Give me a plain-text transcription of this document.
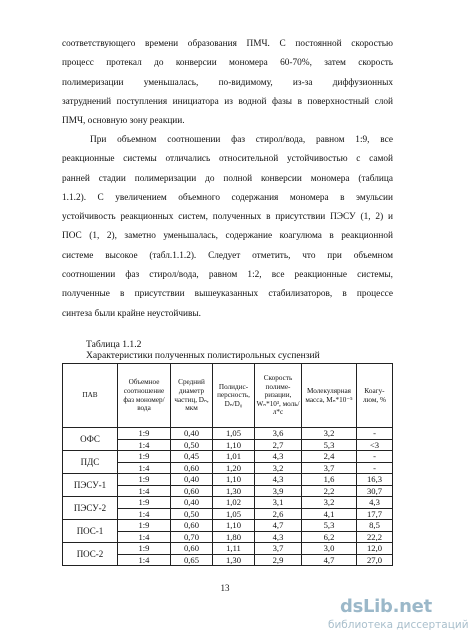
соответствующего времени образования ПМЧ. С постоянной скоростью
процесс протекал до конверсии мономера 60-70%, затем скорость
полимеризации уменьшалась, по-видимому, из-за диффузионных
затруднений поступления инициатора из водной фазы в поверхностный слой
ПМЧ, основную зону реакции.

При объемном соотношении фаз стирол/вода, равном 1:9, все
реакционные системы отличались относительной устойчивостью с самой
ранней стадии полимеризации до полной конверсии мономера (таблица
1.1.2). С увеличением объемного содержания мономера в эмульсии
устойчивость реакционных систем, полученных в присутствии ПЭСУ (1, 2) и
ПОС (1, 2), заметно уменьшалась, содержание коагулюма в реакционной
системе высокое (табл.1.1.2). Следует отметить, что при объемном
соотношении фаз стирол/вода, равном 1:2, все реакционные системы,
полученные в присутствии вышеуказанных стабилизаторов, в процессе
синтеза были крайне неустойчивы.

Таблица 1.1.2
Характеристики полученных полистирольных суспензий
ПАВ	Объемное соотношение фаз мономер/вода	Средний диаметр частиц, Dₙ, мкм	Полидис-персность, Dₙ/D₀	Скорость полиме-ризации, Wₙ*10³, моль/л*с	Молекулярная масса, Mₙ*10⁻⁵	Коагу-люм, %
ОФС	1:9	0,40	1,05	3,6	3,2	-
	1:4	0,50	1,10	2,7	5,3	<3
ПДС	1:9	0,45	1,01	4,3	2,4	-
	1:4	0,60	1,20	3,2	3,7	-
ПЭСУ-1	1:9	0,40	1,10	4,3	1,6	16,3
	1:4	0,60	1,30	3,9	2,2	30,7
ПЭСУ-2	1:9	0,40	1,02	3,1	3,2	4,3
	1:4	0,50	1,05	2,6	4,1	17,7
ПОС-1	1:9	0,60	1,10	4,7	5,3	8,5
	1:4	0,70	1,80	4,3	6,2	22,2
ПОС-2	1:9	0,60	1,11	3,7	3,0	12,0
	1:4	0,65	1,30	2,9	4,7	27,0
13
dsLib.net
библиотека диссертаций
